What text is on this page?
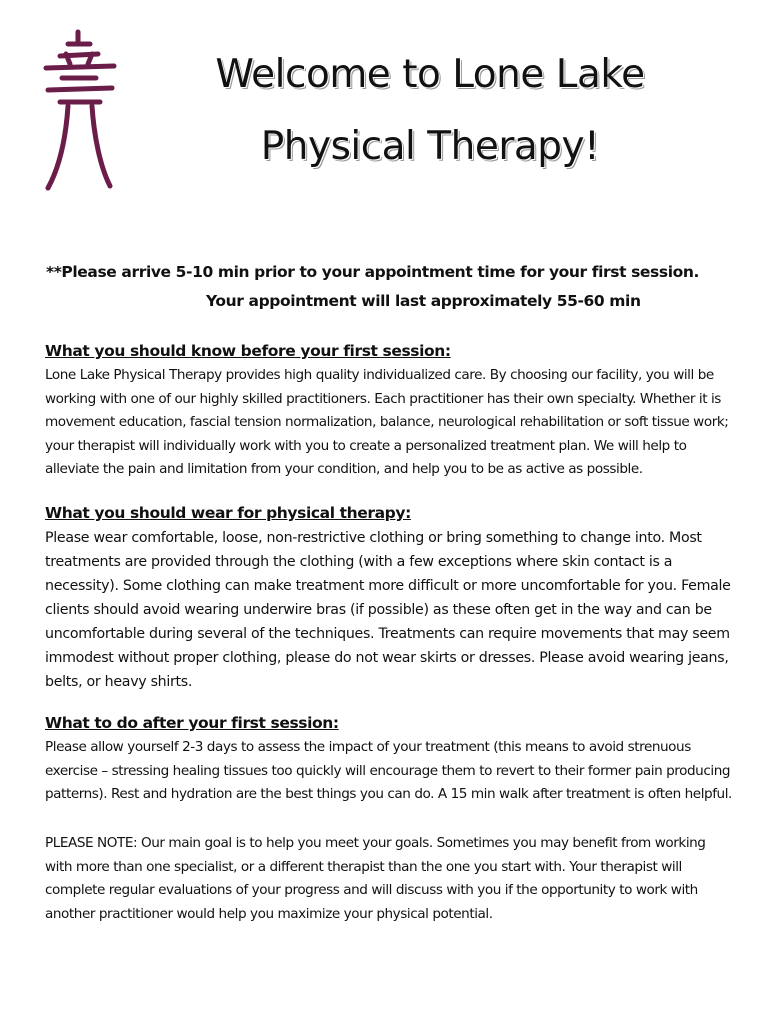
Welcome to Lone Lake
Physical Therapy!
**Please arrive 5-10 min prior to your appointment time for your first session.
Your appointment will last approximately 55-60 min

What you should know before your first session:

Lone Lake Physical Therapy provides high quality individualized care. By choosing our facility, you will be working with one of our highly skilled practitioners. Each practitioner has their own specialty. Whether it is movement education, fascial tension normalization, balance, neurological rehabilitation or soft tissue work; your therapist will individually work with you to create a personalized treatment plan. We will help to alleviate the pain and limitation from your condition, and help you to be as active as possible.

What you should wear for physical therapy:

Please wear comfortable, loose, non-restrictive clothing or bring something to change into. Most treatments are provided through the clothing (with a few exceptions where skin contact is a necessity). Some clothing can make treatment more difficult or more uncomfortable for you. Female clients should avoid wearing underwire bras (if possible) as these often get in the way and can be uncomfortable during several of the techniques. Treatments can require movements that may seem immodest without proper clothing, please do not wear skirts or dresses. Please avoid wearing jeans, belts, or heavy shirts.

What to do after your first session:

Please allow yourself 2-3 days to assess the impact of your treatment (this means to avoid strenuous exercise – stressing healing tissues too quickly will encourage them to revert to their former pain producing patterns). Rest and hydration are the best things you can do. A 15 min walk after treatment is often helpful.

PLEASE NOTE: Our main goal is to help you meet your goals. Sometimes you may benefit from working with more than one specialist, or a different therapist than the one you start with. Your therapist will complete regular evaluations of your progress and will discuss with you if the opportunity to work with another practitioner would help you maximize your physical potential.
